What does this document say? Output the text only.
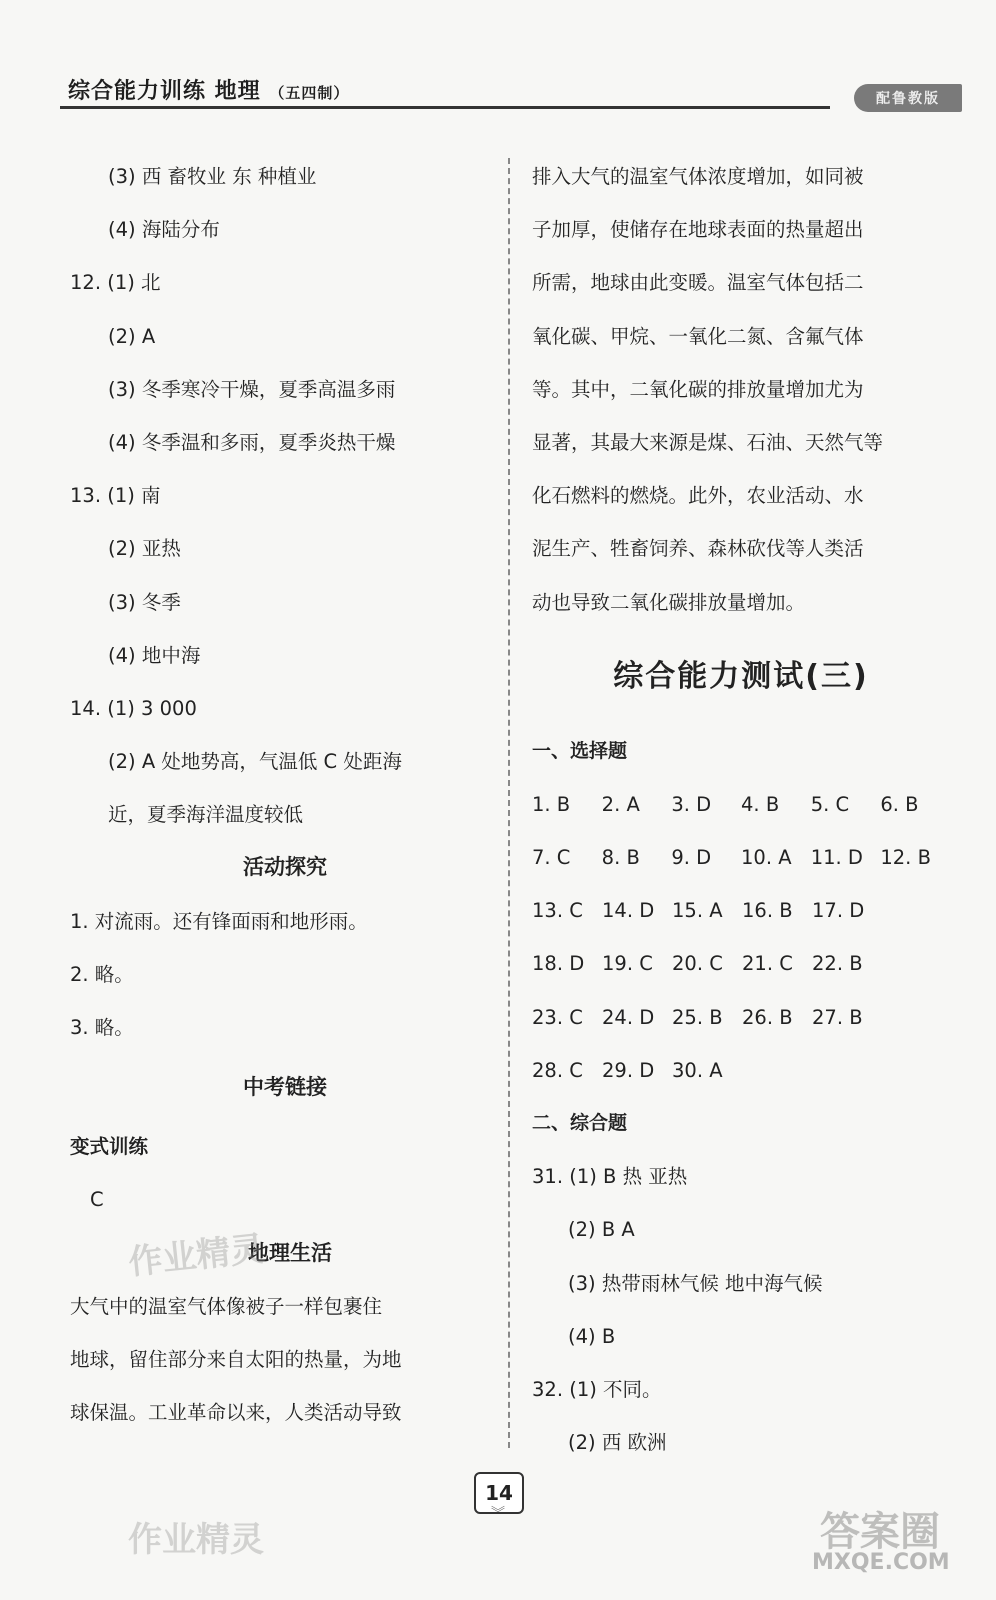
综合能力训练 地理 （五四制）	配鲁教版
(3) 西 畜牧业 东 种植业
(4) 海陆分布
12. (1) 北
(2) A
(3) 冬季寒冷干燥，夏季高温多雨
(4) 冬季温和多雨，夏季炎热干燥
13. (1) 南
(2) 亚热
(3) 冬季
(4) 地中海
14. (1) 3 000
(2) A 处地势高，气温低 C 处距海
近，夏季海洋温度较低
活动探究
1. 对流雨。还有锋面雨和地形雨。
2. 略。
3. 略。
中考链接
变式训练
C
地理生活
大气中的温室气体像被子一样包裹住
地球，留住部分来自太阳的热量，为地
球保温。工业革命以来，人类活动导致
排入大气的温室气体浓度增加，如同被
子加厚，使储存在地球表面的热量超出
所需，地球由此变暖。温室气体包括二
氧化碳、甲烷、一氧化二氮、含氟气体
等。其中，二氧化碳的排放量增加尤为
显著，其最大来源是煤、石油、天然气等
化石燃料的燃烧。此外，农业活动、水
泥生产、牲畜饲养、森林砍伐等人类活
动也导致二氧化碳排放量增加。
综合能力测试(三)
一、选择题
1. B	2. A	3. D	4. B	5. C	6. B
7. C	8. B	9. D	10. A 11. D 12. B
13. C 14. D 15. A 16. B 17. D
18. D 19. C 20. C 21. C 22. B
23. C 24. D 25. B 26. B 27. B
28. C 29. D 30. A
二、综合题
31. (1) B 热 亚热
(2) B A
(3) 热带雨林气候 地中海气候
(4) B
32. (1) 不同。
(2) 西 欧洲
14
︾
作业精灵
作业精灵	答案圈
MXQE.COM
